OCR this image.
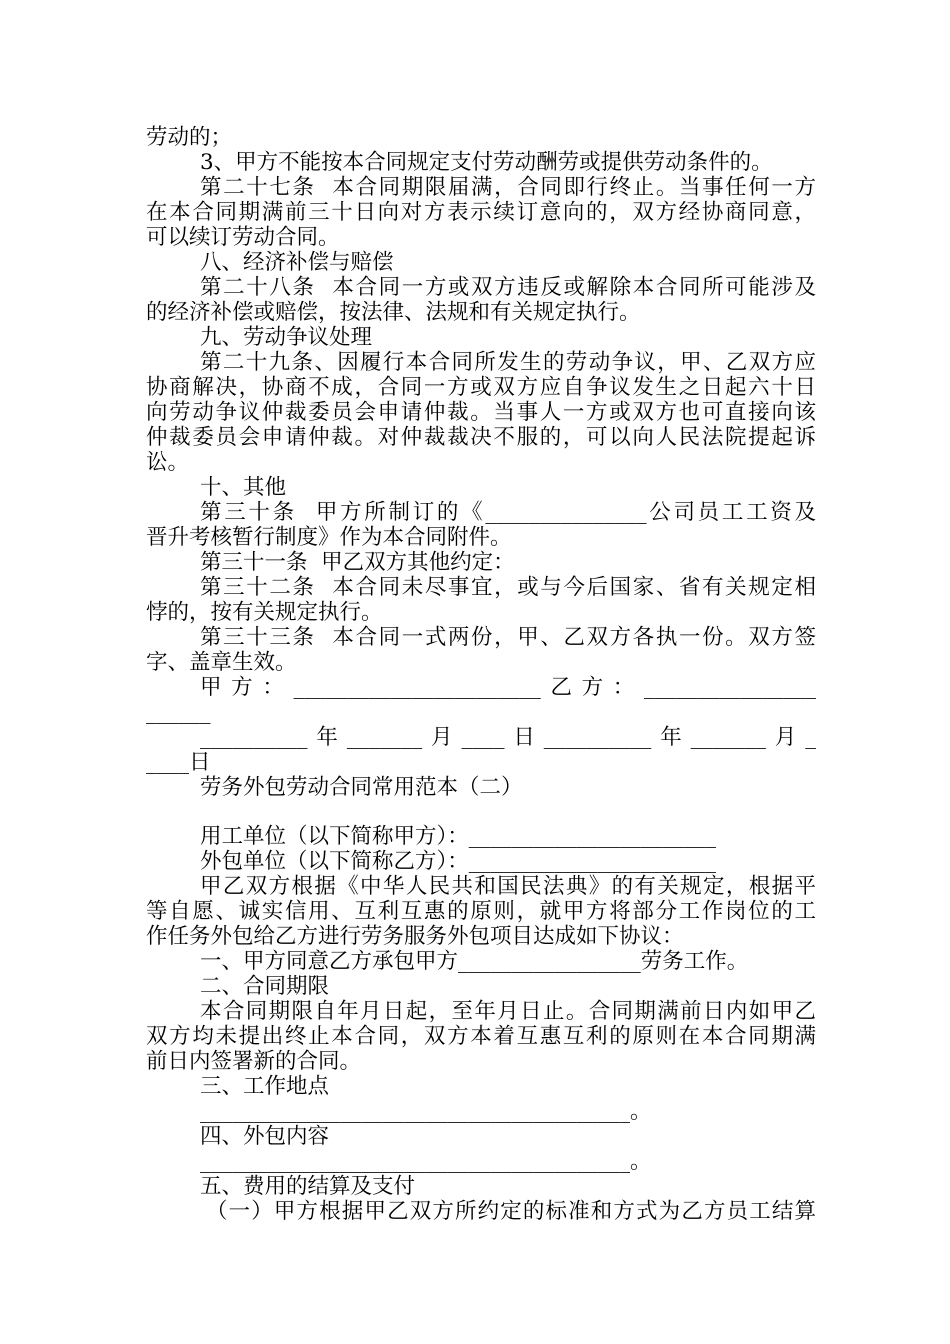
劳动的；
3、甲方不能按本合同规定支付劳动酬劳或提供劳动条件的。
第二十七条  本合同期限届满，合同即行终止。当事任何一方
在本合同期满前三十日向对方表示续订意向的，双方经协商同意，
可以续订劳动合同。
八、经济补偿与赔偿
第二十八条  本合同一方或双方违反或解除本合同所可能涉及
的经济补偿或赔偿，按法律、法规和有关规定执行。
九、劳动争议处理
第二十九条、因履行本合同所发生的劳动争议，甲、乙双方应
协商解决，协商不成，合同一方或双方应自争议发生之日起六十日
向劳动争议仲裁委员会申请仲裁。当事人一方或双方也可直接向该
仲裁委员会申请仲裁。对仲裁裁决不服的，可以向人民法院提起诉
讼。
十、其他
第三十条  甲方所制订的《_______________公司员工工资及
晋升考核暂行制度》作为本合同附件。
第三十一条  甲乙双方其他约定：
第三十二条  本合同未尽事宜，或与今后国家、省有关规定相
悖的，按有关规定执行。
第三十三条  本合同一式两份，甲、乙双方各执一份。双方签
字、盖章生效。
甲方：_______________________乙方：________________
______
__________年_______月____日__________年_______月_
____日
劳务外包劳动合同常用范本（二）
用工单位（以下简称甲方）：_______________________
外包单位（以下简称乙方）：_______________________
甲乙双方根据《中华人民共和国民法典》的有关规定，根据平
等自愿、诚实信用、互利互惠的原则，就甲方将部分工作岗位的工
作任务外包给乙方进行劳务服务外包项目达成如下协议：
一、甲方同意乙方承包甲方_________________劳务工作。
二、合同期限
本合同期限自年月日起，至年月日止。合同期满前日内如甲乙
双方均未提出终止本合同，双方本着互惠互利的原则在本合同期满
前日内签署新的合同。
三、工作地点
________________________________________。
四、外包内容
________________________________________。
五、费用的结算及支付
（一）甲方根据甲乙双方所约定的标准和方式为乙方员工结算
